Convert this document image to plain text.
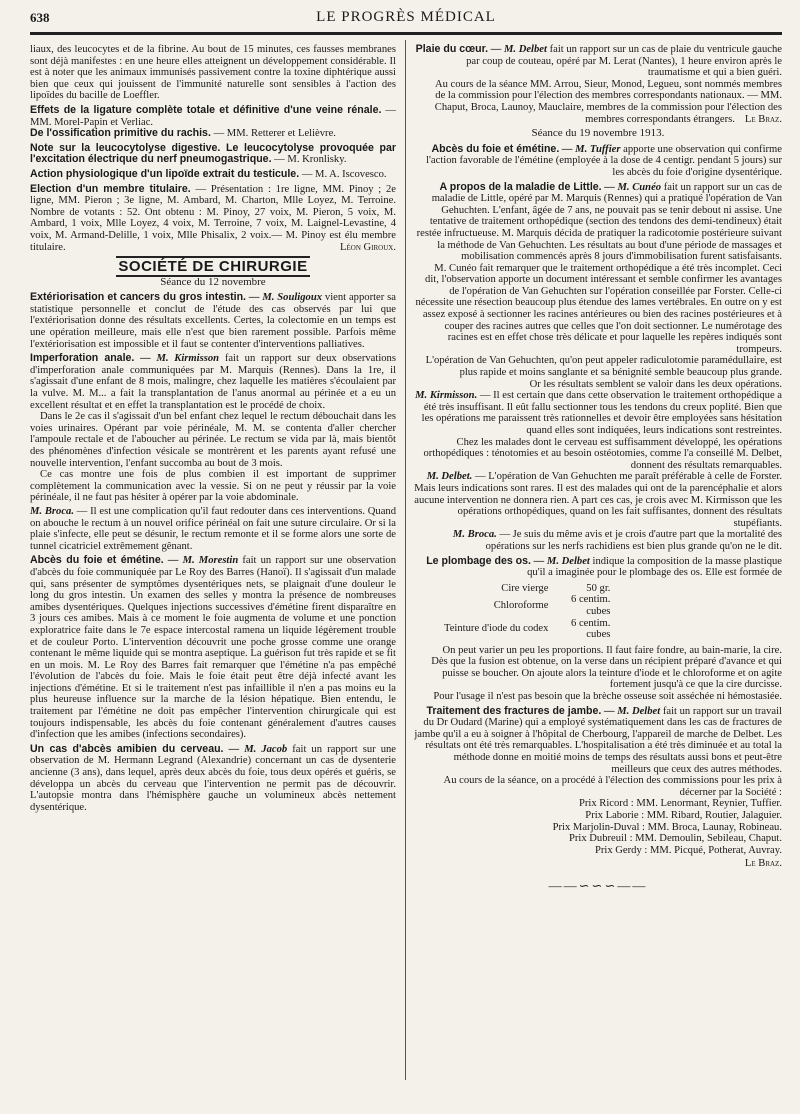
638	LE PROGRÈS MÉDICAL

liaux, des leucocytes et de la fibrine. Au bout de 15 minutes, ces fausses membranes sont déjà manifestes : en une heure elles atteignent un développement considérable. Il est à noter que les animaux immunisés passivement contre la toxine diphtérique aussi bien que ceux qui jouissent de l'immunité naturelle sont sensibles à l'action des lipoïdes du bacille de Loeffler.

Effets de la ligature complète totale et définitive d'une veine rénale. — MM. Morel-Papin et Verliac.

De l'ossification primitive du rachis. — MM. Retterer et Lelièvre.

Note sur la leucocytolyse digestive. Le leucocytolyse provoquée par l'excitation électrique du nerf pneumogastrique. — M. Kronlisky.

Action physiologique d'un lipoïde extrait du testicule. — M. A. Iscovesco.

Election d'un membre titulaire. — Présentation : 1re ligne, MM. Pinoy ; 2e ligne, MM. Pieron ; 3e ligne, M. Ambard, M. Charton, Mlle Loyez, M. Terroine. Nombre de votants : 52. Ont obtenu : M. Pinoy, 27 voix, M. Pieron, 5 voix, M. Ambard, 1 voix, Mlle Loyez, 4 voix, M. Terroine, 7 voix, M. Laignel-Levastine, 4 voix, M. Armand-Delille, 1 voix, Mlle Phisalix, 2 voix.— M. Pinoy est élu membre titulaire.	Léon Giroux.

SOCIÉTÉ DE CHIRURGIE
Séance du 12 novembre

Extériorisation et cancers du gros intestin. — M. Souligoux vient apporter sa statistique personnelle et conclut de l'étude des cas observés par lui que l'extériorisation donne des résultats excellents. Certes, la colectomie en un temps est une opération meilleure, mais elle n'est que bien rarement possible. Parfois même l'extériorisation est impossible et il faut se contenter d'interventions palliatives.

Imperforation anale. — M. Kirmisson fait un rapport sur deux observations d'imperforation anale communiquées par M. Marquis (Rennes). Dans la 1re, il s'agissait d'une enfant de 8 mois, malingre, chez laquelle les matières s'écoulaient par la vulve. M. M... a fait la transplantation de l'anus anormal au périnée et a eu un excellent résultat et en effet la transplantation est le procédé de choix.

Dans le 2e cas il s'agissait d'un bel enfant chez lequel le rectum débouchait dans les voies urinaires. Opérant par voie périnéale, M. M. se contenta d'aller chercher l'ampoule rectale et de l'aboucher au périnée. Le rectum se vida par là, mais bientôt des phénomènes d'infection vésicale se montrèrent et les parents ayant refusé une nouvelle intervention, l'enfant succomba au bout de 3 mois.

Ce cas montre une fois de plus combien il est important de supprimer complètement la communication avec la vessie. Si on ne peut y réussir par la voie périnéale, il ne faut pas hésiter à opérer par la voie abdominale.

M. Broca. — Il est une complication qu'il faut redouter dans ces interventions. Quand on abouche le rectum à un nouvel orifice périnéal on fait une suture circulaire. Or si la plaie s'infecte, elle peut se désunir, le rectum remonte et il se forme alors une sorte de tunnel cicatriciel extrêmement gênant.

Abcès du foie et émétine. — M. Morestin fait un rapport sur une observation d'abcès du foie communiquée par Le Roy des Barres (Hanoï). Il s'agissait d'un malade qui, sans présenter de symptômes dysentériques nets, se plaignait d'une douleur le long du gros intestin. Un examen des selles y montra la présence de nombreuses amibes dysentériques. Quelques injections successives d'émétine firent disparaître en 3 jours ces amibes. Mais à ce moment le foie augmenta de volume et une ponction exploratrice faite dans le 7e espace intercostal ramena un liquide légèrement trouble et de couleur Porto. L'intervention découvrit une poche grosse comme une orange contenant le même liquide qui se montra aseptique. La guérison fut très rapide et se fit en un mois. M. Le Roy des Barres fait remarquer que l'émétine n'a pas empêché l'évolution de l'abcès du foie. Mais le foie était peut être déjà infecté avant les injections d'émétine. Et si le traitement n'est pas infaillible il n'en a pas moins eu la plus heureuse influence sur la marche de la lésion hépatique. Bien entendu, le traitement par l'émétine ne doit pas empêcher l'intervention chirurgicale qui est toujours indispensable, les abcès du foie contenant généralement d'autres causes d'infection que les amibes (infections secondaires).

Un cas d'abcès amibien du cerveau. — M. Jacob fait un rapport sur une observation de M. Hermann Legrand (Alexandrie) concernant un cas de dysenterie ancienne (3 ans), dans lequel, après deux abcès du foie, tous deux opérés et guéris, se développa un abcès du cerveau que l'intervention ne permit pas de découvrir. L'autopsie montra dans l'hémisphère gauche un volumineux abcès nettement dysentérique.

Plaie du cœur. — M. Delbet fait un rapport sur un cas de plaie du ventricule gauche par coup de couteau, opéré par M. Lerat (Nantes), 1 heure environ après le traumatisme et qui a bien guéri.

Au cours de la séance MM. Arrou, Sieur, Monod, Legueu, sont nommés membres de la commission pour l'élection des membres correspondants nationaux. — MM. Chaput, Broca, Launoy, Mauclaire, membres de la commission pour l'élection des membres correspondants étrangers. Le Braz.

Séance du 19 novembre 1913.

Abcès du foie et émétine. — M. Tuffier apporte une observation qui confirme l'action favorable de l'émétine (employée à la dose de 4 centigr. pendant 5 jours) sur les abcès du foie d'origine dysentérique.

A propos de la maladie de Little. — M. Cunéo fait un rapport sur un cas de maladie de Little, opéré par M. Marquis (Rennes) qui a pratiqué l'opération de Van Gehuchten. L'enfant, âgée de 7 ans, ne pouvait pas se tenir debout ni assise. Une tentative de traitement orthopédique (section des tendons des demi-tendineux) était restée infructueuse. M. Marquis décida de pratiquer la radicotomie postérieure suivant la méthode de Van Gehuchten. Les résultats au bout d'une période de massages et mobilisation commencés après 8 jours d'immobilisation furent satisfaisants.

M. Cunéo fait remarquer que le traitement orthopédique a été très incomplet. Ceci dit, l'observation apporte un document intéressant et semble confirmer les avantages de l'opération de Van Gehuchten sur l'opération conseillée par Forster. Celle-ci nécessite une résection beaucoup plus étendue des lames vertébrales. En outre on y est assez exposé à sectionner les racines antérieures ou bien des racines postérieures et à couper des racines autres que celles que l'on doit sectionner. Le numérotage des racines est en effet chose très délicate et pour laquelle les repères indiqués sont trompeurs.

L'opération de Van Gehuchten, qu'on peut appeler radiculotomie paramédullaire, est plus rapide et moins sanglante et sa bénignité semble beaucoup plus grande.

Or les résultats semblent se valoir dans les deux opérations.

M. Kirmisson. — Il est certain que dans cette observation le traitement orthopédique a été très insuffisant. Il eût fallu sectionner tous les tendons du creux poplité. Bien que les opérations me paraissent très rationnelles et devoir être employées sans hésitation quand elles sont indiquées, leurs indications sont restreintes.

Chez les malades dont le cerveau est suffisamment développé, les opérations orthopédiques : ténotomies et au besoin ostéotomies, comme l'a conseillé M. Delbet, donnent des résultats remarquables.

M. Delbet. — L'opération de Van Gehuchten me paraît préférable à celle de Forster. Mais leurs indications sont rares. Il est des malades qui ont de la parencéphalie et alors aucune intervention ne donnera rien. A part ces cas, je crois avec M. Kirmisson que les opérations orthopédiques, quand on les fait suffisantes, donnent des résultats stupéfiants.

M. Broca. — Je suis du même avis et je crois d'autre part que la mortalité des opérations sur les nerfs rachidiens est bien plus grande qu'on ne le dit.

Le plombage des os. — M. Delbet indique la composition de la masse plastique qu'il a imaginée pour le plombage des os. Elle est formée de

Cire vierge	50 gr.
Chloroforme	6 centim. cubes
Teinture d'iode du codex	6 centim. cubes

On peut varier un peu les proportions. Il faut faire fondre, au bain-marie, la cire. Dès que la fusion est obtenue, on la verse dans un récipient préparé d'avance et qui puisse se boucher. On ajoute alors la teinture d'iode et le chloroforme et on agite fortement jusqu'à ce que la cire durcisse.

Pour l'usage il n'est pas besoin que la brèche osseuse soit asséchée ni hémostasiée.

Traitement des fractures de jambe. — M. Delbet fait un rapport sur un travail du Dr Oudard (Marine) qui a employé systématiquement dans les cas de fractures de jambe qu'il a eu à soigner à l'hôpital de Cherbourg, l'appareil de marche de Delbet. Les résultats ont été très remarquables. L'hospitalisation a été très diminuée et au total la méthode donne en moitié moins de temps des résultats aussi bons et peut-être meilleurs que ceux des autres méthodes.

Au cours de la séance, on a procédé à l'élection des commissions pour les prix à décerner par la Société :

Prix Ricord : MM. Lenormant, Reynier, Tuffier.
Prix Laborie : MM. Ribard, Routier, Jalaguier.
Prix Marjolin-Duval : MM. Broca, Launay, Robineau.
Prix Dubreuil : MM. Demoulin, Sebileau, Chaput.
Prix Gerdy : MM. Picqué, Potherat, Auvray.
Le Braz.
——∽∽∽——
